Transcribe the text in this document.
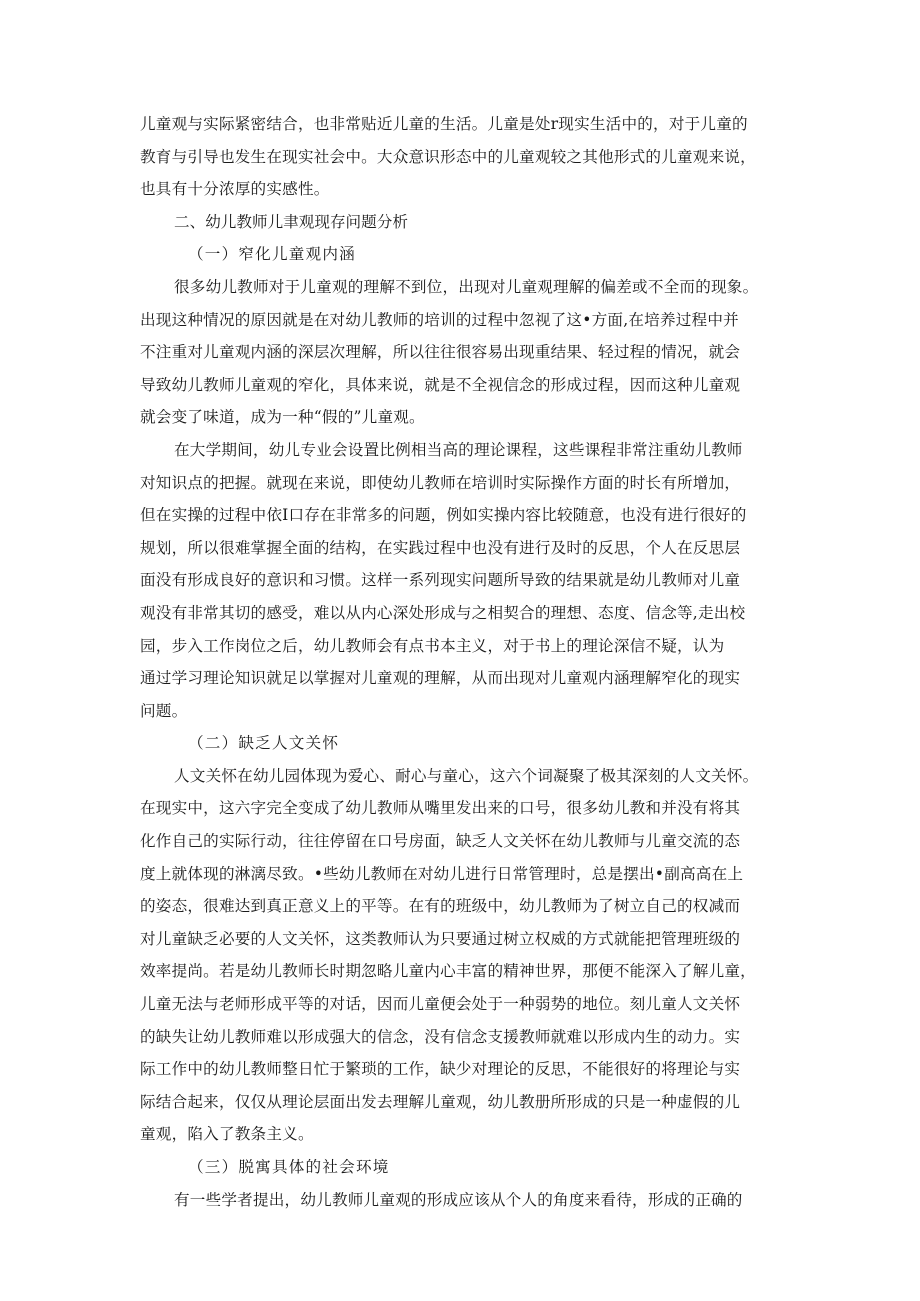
儿童观与实际紧密结合，也非常贴近儿童的生活。儿童是处r现实生活中的，对于儿童的
教育与引导也发生在现实社会中。大众意识形态中的儿童观较之其他形式的儿童观来说，
也具有十分浓厚的实感性。
二、幼儿教师儿聿观现存问题分析
（一）窄化儿童观内涵
很多幼儿教师对于儿童观的理解不到位，出现对儿童观理解的偏差或不全而的现象。
出现这种情况的原因就是在对幼儿教师的培训的过程中忽视了这•方面,在培养过程中并
不注重对儿童观内涵的深层次理解，所以往往很容易出现重结果、轻过程的情况，就会
导致幼儿教师儿童观的窄化，具体来说，就是不全视信念的形成过程，因而这种儿童观
就会变了味道，成为一种“假的”儿童观。
在大学期间，幼儿专业会设置比例相当高的理论课程，这些课程非常注重幼儿教师
对知识点的把握。就现在来说，即使幼儿教师在培训时实际操作方面的时长有所增加，
但在实操的过程中依I口存在非常多的问题，例如实操内容比较随意，也没有进行很好的
规划，所以很难掌握全面的结构，在实践过程中也没有进行及时的反思，个人在反思层
面没有形成良好的意识和习惯。这样一系列现实问题所导致的结果就是幼儿教师对儿童
观没有非常其切的感受，难以从内心深处形成与之相契合的理想、态度、信念等,走出校
园，步入工作岗位之后，幼儿教师会有点书本主义，对于书上的理论深信不疑，认为
通过学习理论知识就足以掌握对儿童观的理解，从而出现对儿童观内涵理解窄化的现实
问题。
（二）缺乏人文关怀
人文关怀在幼儿园体现为爱心、耐心与童心，这六个词凝聚了极其深刻的人文关怀。
在现实中，这六字完全变成了幼儿教师从嘴里发出来的口号，很多幼儿教和并没有将其
化作自己的实际行动，往往停留在口号房面，缺乏人文关怀在幼儿教师与儿童交流的态
度上就体现的淋漓尽致。•些幼儿教师在对幼儿进行日常管理时，总是摆出•副高高在上
的姿态，很难达到真正意义上的平等。在有的班级中，幼儿教师为了树立自己的权减而
对儿童缺乏必要的人文关怀，这类教师认为只要通过树立权威的方式就能把管理班级的
效率提尚。若是幼儿教师长时期忽略儿童内心丰富的精神世界，那便不能深入了解儿童，
儿童无法与老师形成平等的对话，因而儿童便会处于一种弱势的地位。刻儿童人文关怀
的缺失让幼儿教师难以形成强大的信念，没有信念支援教师就难以形成内生的动力。实
际工作中的幼儿教师整日忙于繁琐的工作，缺少对理论的反思，不能很好的将理论与实
际结合起来，仅仅从理论层面出发去理解儿童观，幼儿教册所形成的只是一种虚假的儿
童观，陷入了教条主义。
（三）脱寓具体的社会环境
有一些学者提出，幼儿教师儿童观的形成应该从个人的角度来看待，形成的正确的
